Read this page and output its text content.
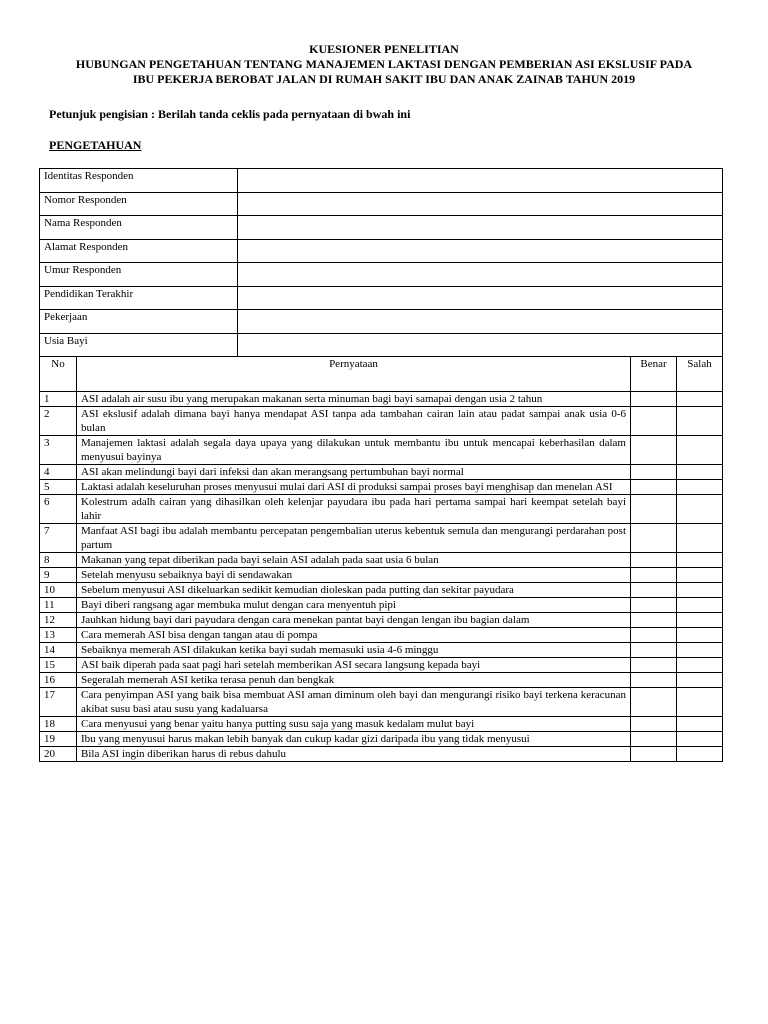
KUESIONER PENELITIAN
HUBUNGAN PENGETAHUAN TENTANG MANAJEMEN LAKTASI DENGAN PEMBERIAN ASI EKSLUSIF PADA
IBU PEKERJA BEROBAT JALAN DI RUMAH SAKIT IBU DAN ANAK ZAINAB TAHUN 2019
Petunjuk pengisian : Berilah tanda ceklis pada pernyataan di bwah ini
PENGETAHUAN
Identitas Responden	
Nomor Responden	
Nama Responden	
Alamat Responden	
Umur Responden	
Pendidikan Terakhir	
Pekerjaan	
Usia Bayi	
No	Pernyataan	Benar	Salah
1	ASI adalah air susu ibu yang merupakan makanan serta minuman bagi bayi samapai dengan usia 2 tahun		
2	ASI ekslusif adalah dimana bayi hanya mendapat ASI tanpa ada tambahan cairan lain atau padat sampai anak usia 0-6 bulan		
3	Manajemen laktasi adalah segala daya upaya yang dilakukan untuk membantu ibu untuk mencapai keberhasilan dalam menyusui bayinya		
4	ASI akan melindungi bayi dari infeksi dan akan merangsang pertumbuhan bayi normal		
5	Laktasi adalah keseluruhan proses menyusui mulai dari ASI di produksi sampai proses bayi menghisap dan menelan ASI		
6	Kolestrum adalh cairan yang dihasilkan oleh kelenjar payudara ibu pada hari pertama sampai hari keempat setelah bayi lahir		
7	Manfaat ASI bagi ibu adalah membantu percepatan pengembalian uterus kebentuk semula dan mengurangi perdarahan post partum		
8	Makanan yang tepat diberikan pada bayi selain ASI adalah pada saat usia 6 bulan		
9	Setelah menyusu sebaiknya bayi di sendawakan		
10	Sebelum menyusui ASI dikeluarkan sedikit kemudian dioleskan pada putting dan sekitar payudara		
11	Bayi diberi rangsang agar membuka mulut dengan cara menyentuh pipi		
12	Jauhkan hidung bayi dari payudara dengan cara menekan pantat bayi dengan lengan ibu bagian dalam		
13	Cara memerah ASI bisa dengan tangan atau di pompa		
14	Sebaiknya memerah ASI dilakukan ketika bayi sudah memasuki usia 4-6 minggu		
15	ASI baik diperah pada saat pagi hari setelah memberikan ASI secara langsung kepada bayi		
16	Segeralah memerah ASI ketika terasa penuh dan bengkak		
17	Cara penyimpan ASI yang baik bisa membuat ASI aman diminum oleh bayi dan mengurangi risiko bayi terkena keracunan akibat susu basi atau susu yang kadaluarsa		
18	Cara menyusui yang benar yaitu hanya putting susu saja yang masuk kedalam mulut bayi		
19	Ibu yang menyusui harus makan lebih banyak dan cukup kadar gizi daripada ibu yang tidak menyusui		
20	Bila ASI ingin diberikan harus di rebus dahulu		
